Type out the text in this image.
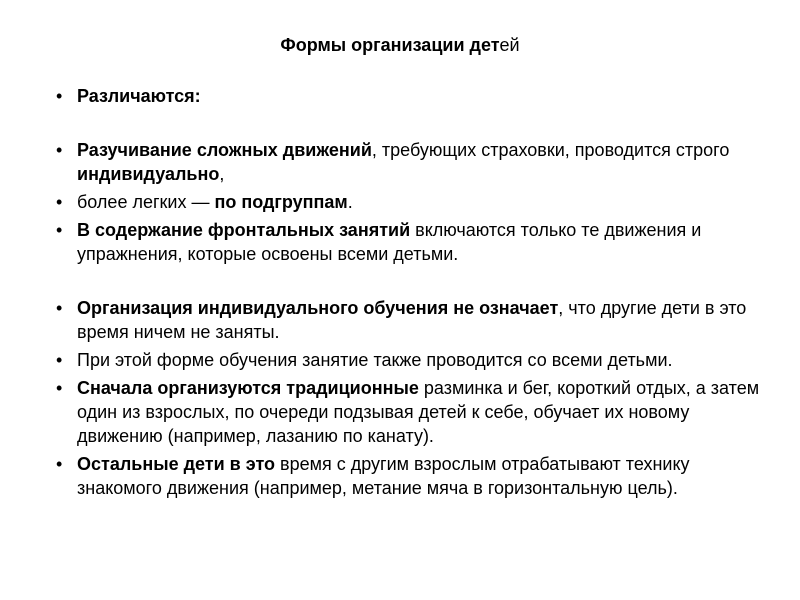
Формы организации детей
• Различаются:
• Разучивание сложных движений, требующих страховки, проводится строго индивидуально,
• более легких — по подгруппам.
• В содержание фронтальных занятий включаются только те движения и упражнения, которые освоены всеми детьми.
• Организация индивидуального обучения не означает, что другие дети в это время ничем не заняты.
• При этой форме обучения занятие также проводится со всеми детьми.
• Сначала организуются традиционные разминка и бег, короткий отдых, а затем один из взрослых, по очереди подзывая детей к себе, обучает их новому движению (например, лазанию по канату).
• Остальные дети в это время с другим взрослым отрабатывают технику знакомого движения (например, метание мяча в горизонтальную цель).
